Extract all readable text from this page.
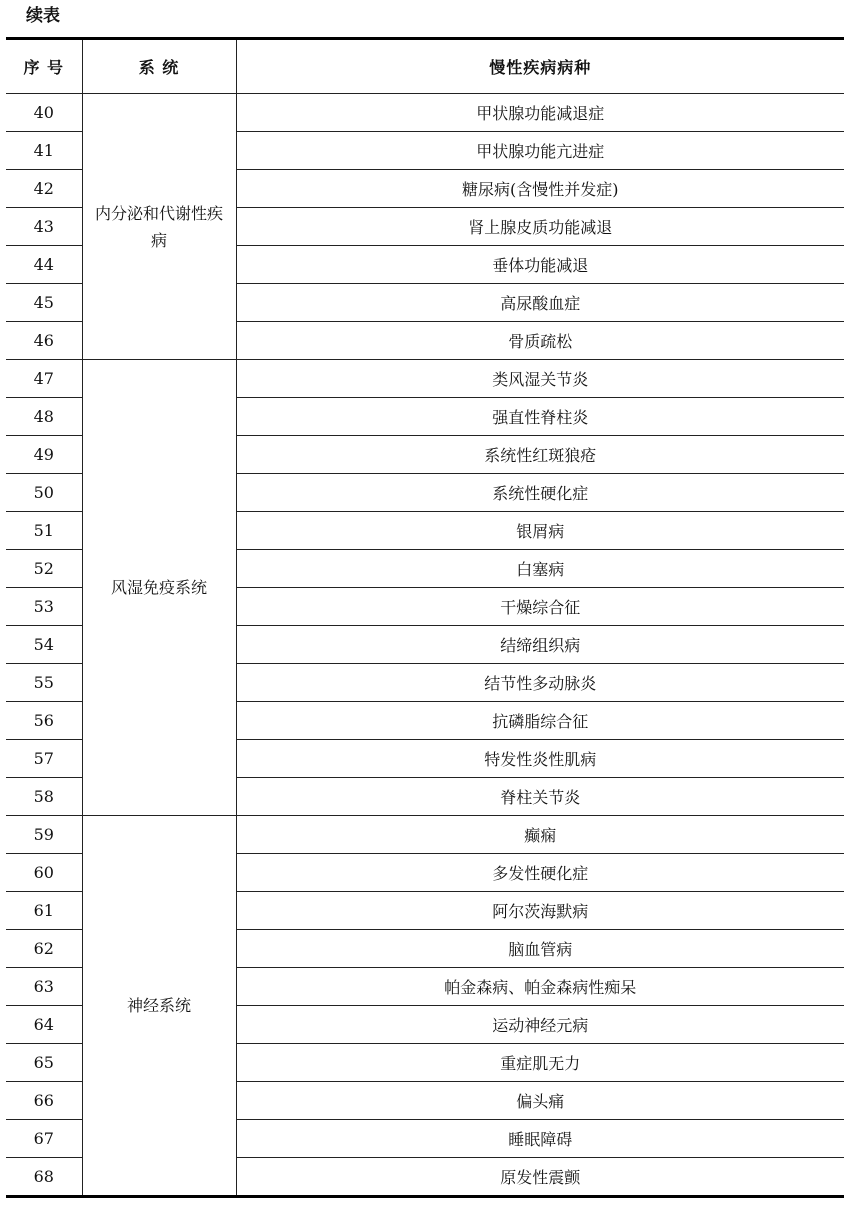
续表
序 号	系 统	慢性疾病病种
40	内分泌和代谢性疾病	甲状腺功能减退症
41		甲状腺功能亢进症
42		糖尿病(含慢性并发症)
43		肾上腺皮质功能减退
44		垂体功能减退
45		高尿酸血症
46		骨质疏松
47	风湿免疫系统	类风湿关节炎
48		强直性脊柱炎
49		系统性红斑狼疮
50		系统性硬化症
51		银屑病
52		白塞病
53		干燥综合征
54		结缔组织病
55		结节性多动脉炎
56		抗磷脂综合征
57		特发性炎性肌病
58		脊柱关节炎
59	神经系统	癫痫
60		多发性硬化症
61		阿尔茨海默病
62		脑血管病
63		帕金森病、帕金森病性痴呆
64		运动神经元病
65		重症肌无力
66		偏头痛
67		睡眠障碍
68		原发性震颤
